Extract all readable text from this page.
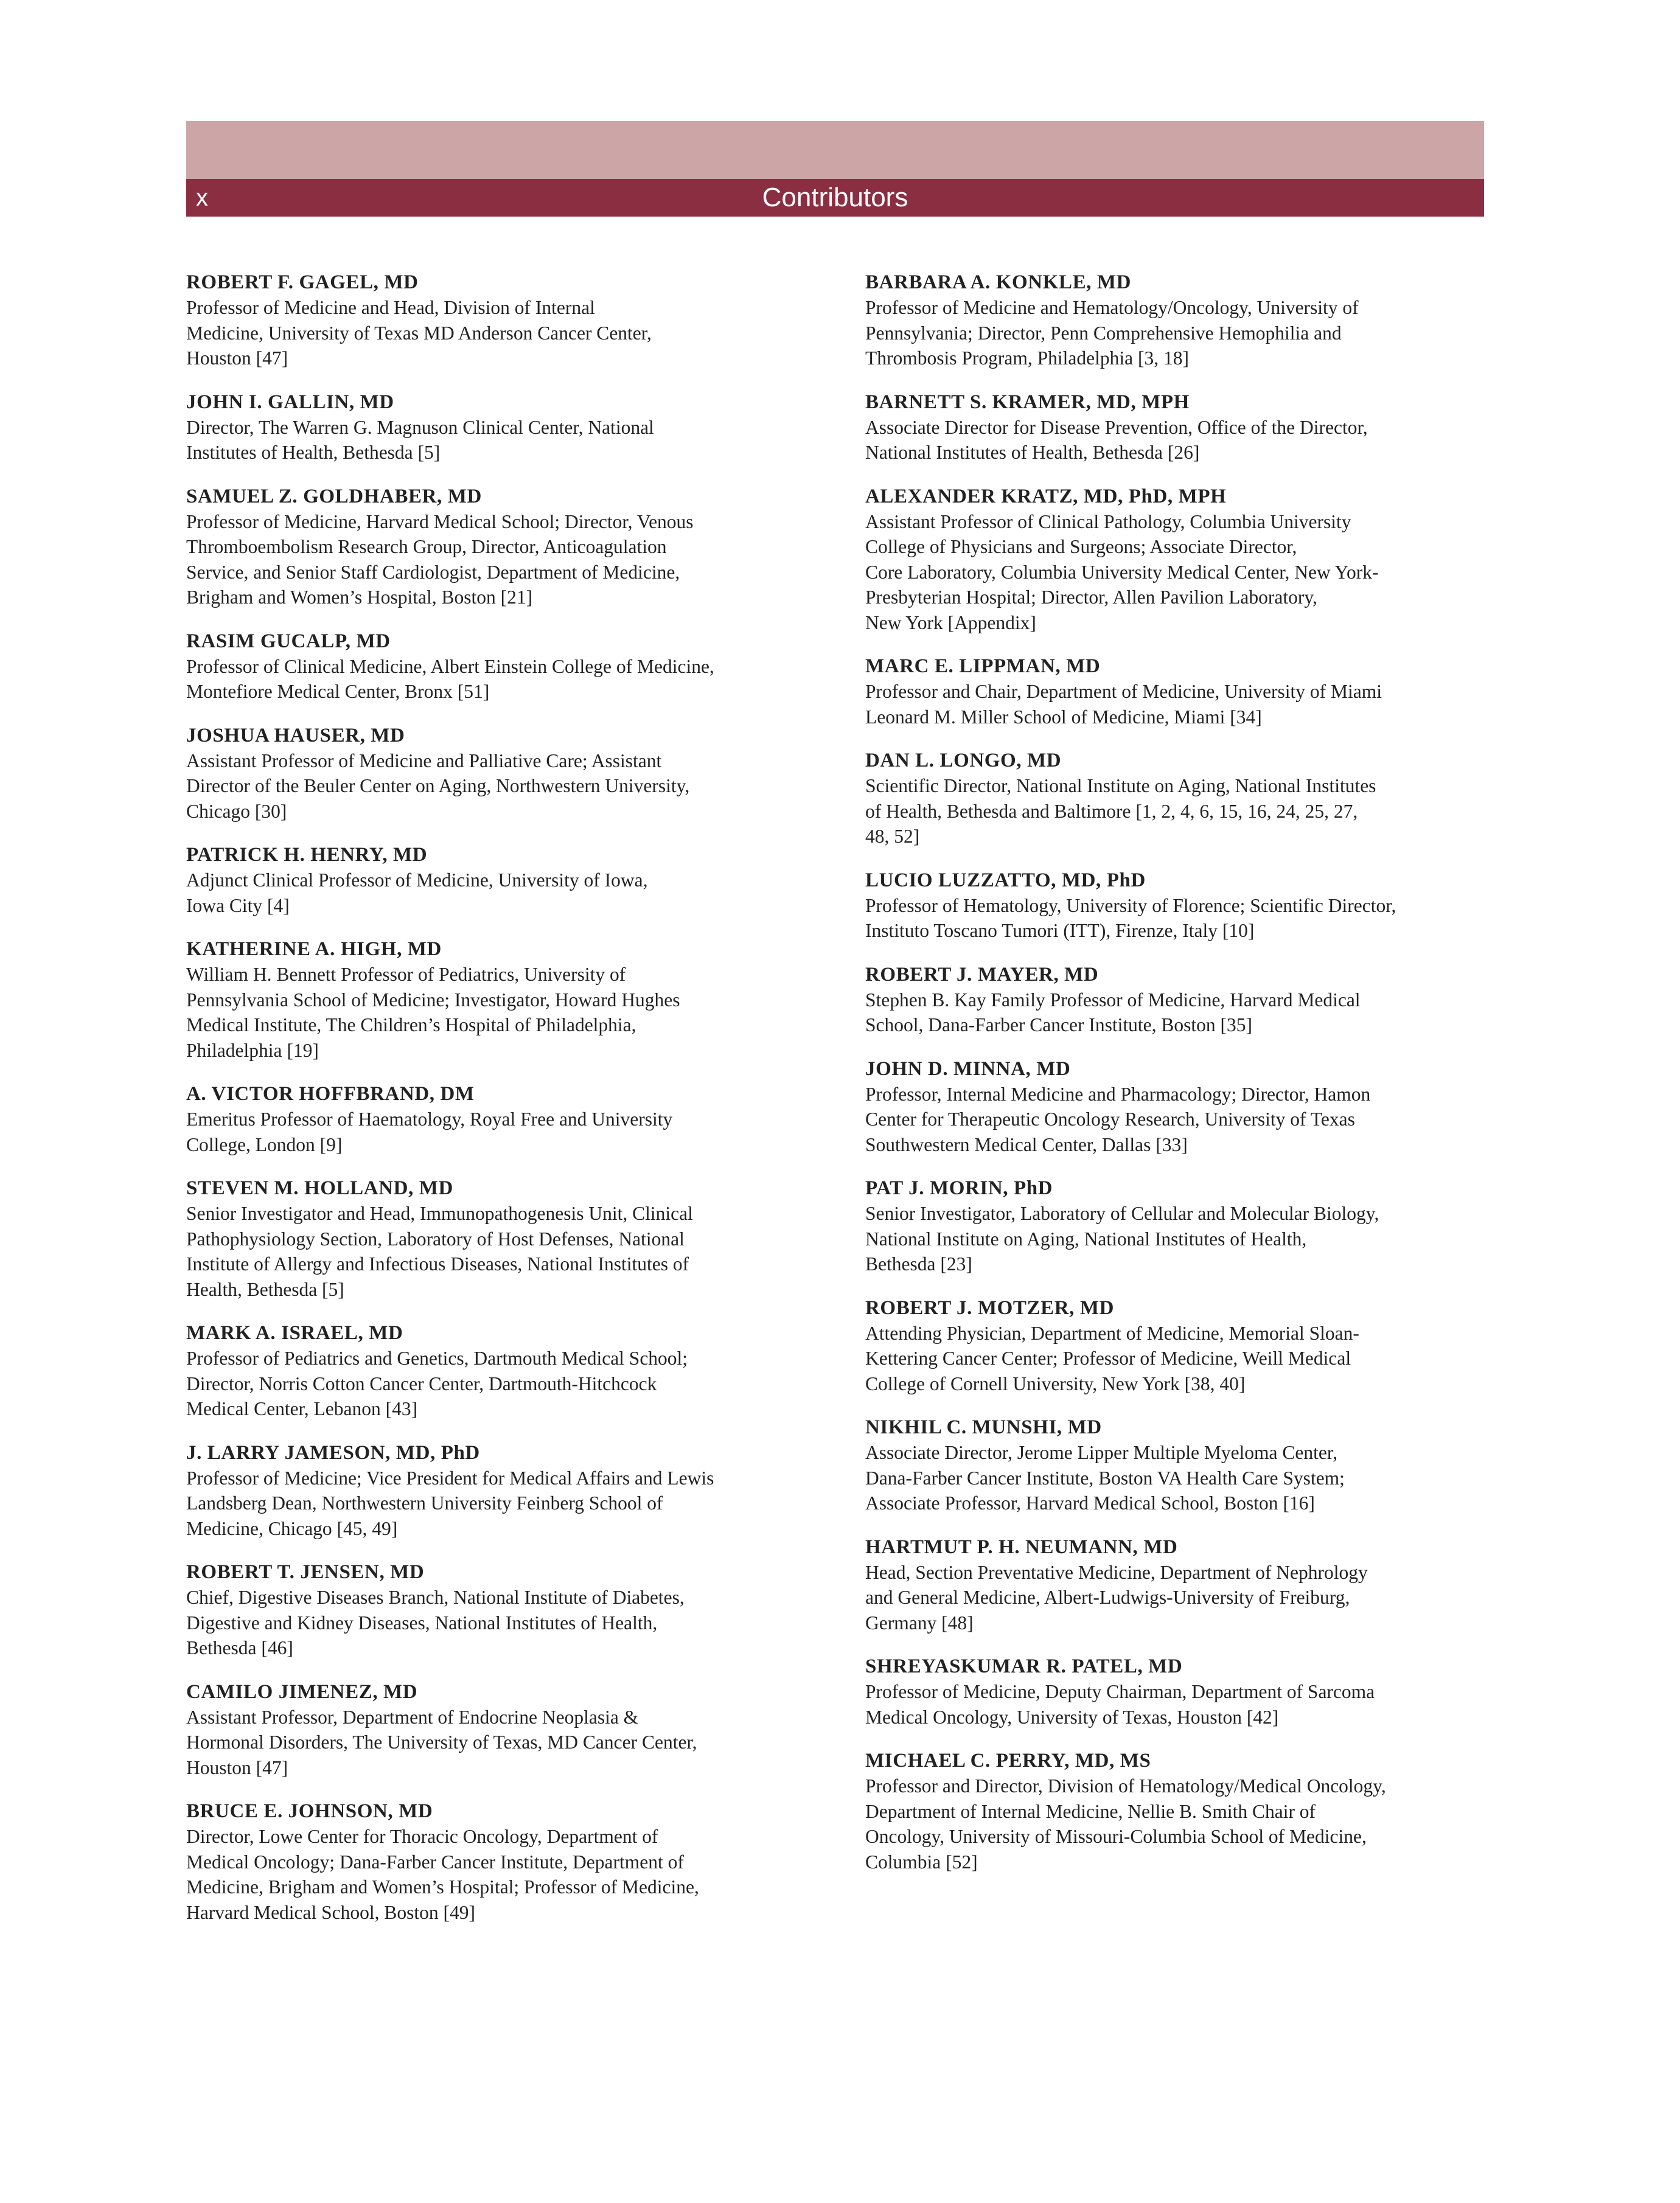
x	Contributors
ROBERT F. GAGEL, MD
Professor of Medicine and Head, Division of Internal
Medicine, University of Texas MD Anderson Cancer Center,
Houston [47]
JOHN I. GALLIN, MD
Director, The Warren G. Magnuson Clinical Center, National
Institutes of Health, Bethesda [5]
SAMUEL Z. GOLDHABER, MD
Professor of Medicine, Harvard Medical School; Director, Venous
Thromboembolism Research Group, Director, Anticoagulation
Service, and Senior Staff Cardiologist, Department of Medicine,
Brigham and Women’s Hospital, Boston [21]
RASIM GUCALP, MD
Professor of Clinical Medicine, Albert Einstein College of Medicine,
Montefiore Medical Center, Bronx [51]
JOSHUA HAUSER, MD
Assistant Professor of Medicine and Palliative Care; Assistant
Director of the Beuler Center on Aging, Northwestern University,
Chicago [30]
PATRICK H. HENRY, MD
Adjunct Clinical Professor of Medicine, University of Iowa,
Iowa City [4]
KATHERINE A. HIGH, MD
William H. Bennett Professor of Pediatrics, University of
Pennsylvania School of Medicine; Investigator, Howard Hughes
Medical Institute, The Children’s Hospital of Philadelphia,
Philadelphia [19]
A. VICTOR HOFFBRAND, DM
Emeritus Professor of Haematology, Royal Free and University
College, London [9]
STEVEN M. HOLLAND, MD
Senior Investigator and Head, Immunopathogenesis Unit, Clinical
Pathophysiology Section, Laboratory of Host Defenses, National
Institute of Allergy and Infectious Diseases, National Institutes of
Health, Bethesda [5]
MARK A. ISRAEL, MD
Professor of Pediatrics and Genetics, Dartmouth Medical School;
Director, Norris Cotton Cancer Center, Dartmouth-Hitchcock
Medical Center, Lebanon [43]
J. LARRY JAMESON, MD, PhD
Professor of Medicine; Vice President for Medical Affairs and Lewis
Landsberg Dean, Northwestern University Feinberg School of
Medicine, Chicago [45, 49]
ROBERT T. JENSEN, MD
Chief, Digestive Diseases Branch, National Institute of Diabetes,
Digestive and Kidney Diseases, National Institutes of Health,
Bethesda [46]
CAMILO JIMENEZ, MD
Assistant Professor, Department of Endocrine Neoplasia &
Hormonal Disorders, The University of Texas, MD Cancer Center,
Houston [47]
BRUCE E. JOHNSON, MD
Director, Lowe Center for Thoracic Oncology, Department of
Medical Oncology; Dana-Farber Cancer Institute, Department of
Medicine, Brigham and Women’s Hospital; Professor of Medicine,
Harvard Medical School, Boston [49]
BARBARA A. KONKLE, MD
Professor of Medicine and Hematology/Oncology, University of
Pennsylvania; Director, Penn Comprehensive Hemophilia and
Thrombosis Program, Philadelphia [3, 18]
BARNETT S. KRAMER, MD, MPH
Associate Director for Disease Prevention, Office of the Director,
National Institutes of Health, Bethesda [26]
ALEXANDER KRATZ, MD, PhD, MPH
Assistant Professor of Clinical Pathology, Columbia University
College of Physicians and Surgeons; Associate Director,
Core Laboratory, Columbia University Medical Center, New York-
Presbyterian Hospital; Director, Allen Pavilion Laboratory,
New York [Appendix]
MARC E. LIPPMAN, MD
Professor and Chair, Department of Medicine, University of Miami
Leonard M. Miller School of Medicine, Miami [34]
DAN L. LONGO, MD
Scientific Director, National Institute on Aging, National Institutes
of Health, Bethesda and Baltimore [1, 2, 4, 6, 15, 16, 24, 25, 27,
48, 52]
LUCIO LUZZATTO, MD, PhD
Professor of Hematology, University of Florence; Scientific Director,
Instituto Toscano Tumori (ITT), Firenze, Italy [10]
ROBERT J. MAYER, MD
Stephen B. Kay Family Professor of Medicine, Harvard Medical
School, Dana-Farber Cancer Institute, Boston [35]
JOHN D. MINNA, MD
Professor, Internal Medicine and Pharmacology; Director, Hamon
Center for Therapeutic Oncology Research, University of Texas
Southwestern Medical Center, Dallas [33]
PAT J. MORIN, PhD
Senior Investigator, Laboratory of Cellular and Molecular Biology,
National Institute on Aging, National Institutes of Health,
Bethesda [23]
ROBERT J. MOTZER, MD
Attending Physician, Department of Medicine, Memorial Sloan-
Kettering Cancer Center; Professor of Medicine, Weill Medical
College of Cornell University, New York [38, 40]
NIKHIL C. MUNSHI, MD
Associate Director, Jerome Lipper Multiple Myeloma Center,
Dana-Farber Cancer Institute, Boston VA Health Care System;
Associate Professor, Harvard Medical School, Boston [16]
HARTMUT P. H. NEUMANN, MD
Head, Section Preventative Medicine, Department of Nephrology
and General Medicine, Albert-Ludwigs-University of Freiburg,
Germany [48]
SHREYASKUMAR R. PATEL, MD
Professor of Medicine, Deputy Chairman, Department of Sarcoma
Medical Oncology, University of Texas, Houston [42]
MICHAEL C. PERRY, MD, MS
Professor and Director, Division of Hematology/Medical Oncology,
Department of Internal Medicine, Nellie B. Smith Chair of
Oncology, University of Missouri-Columbia School of Medicine,
Columbia [52]
